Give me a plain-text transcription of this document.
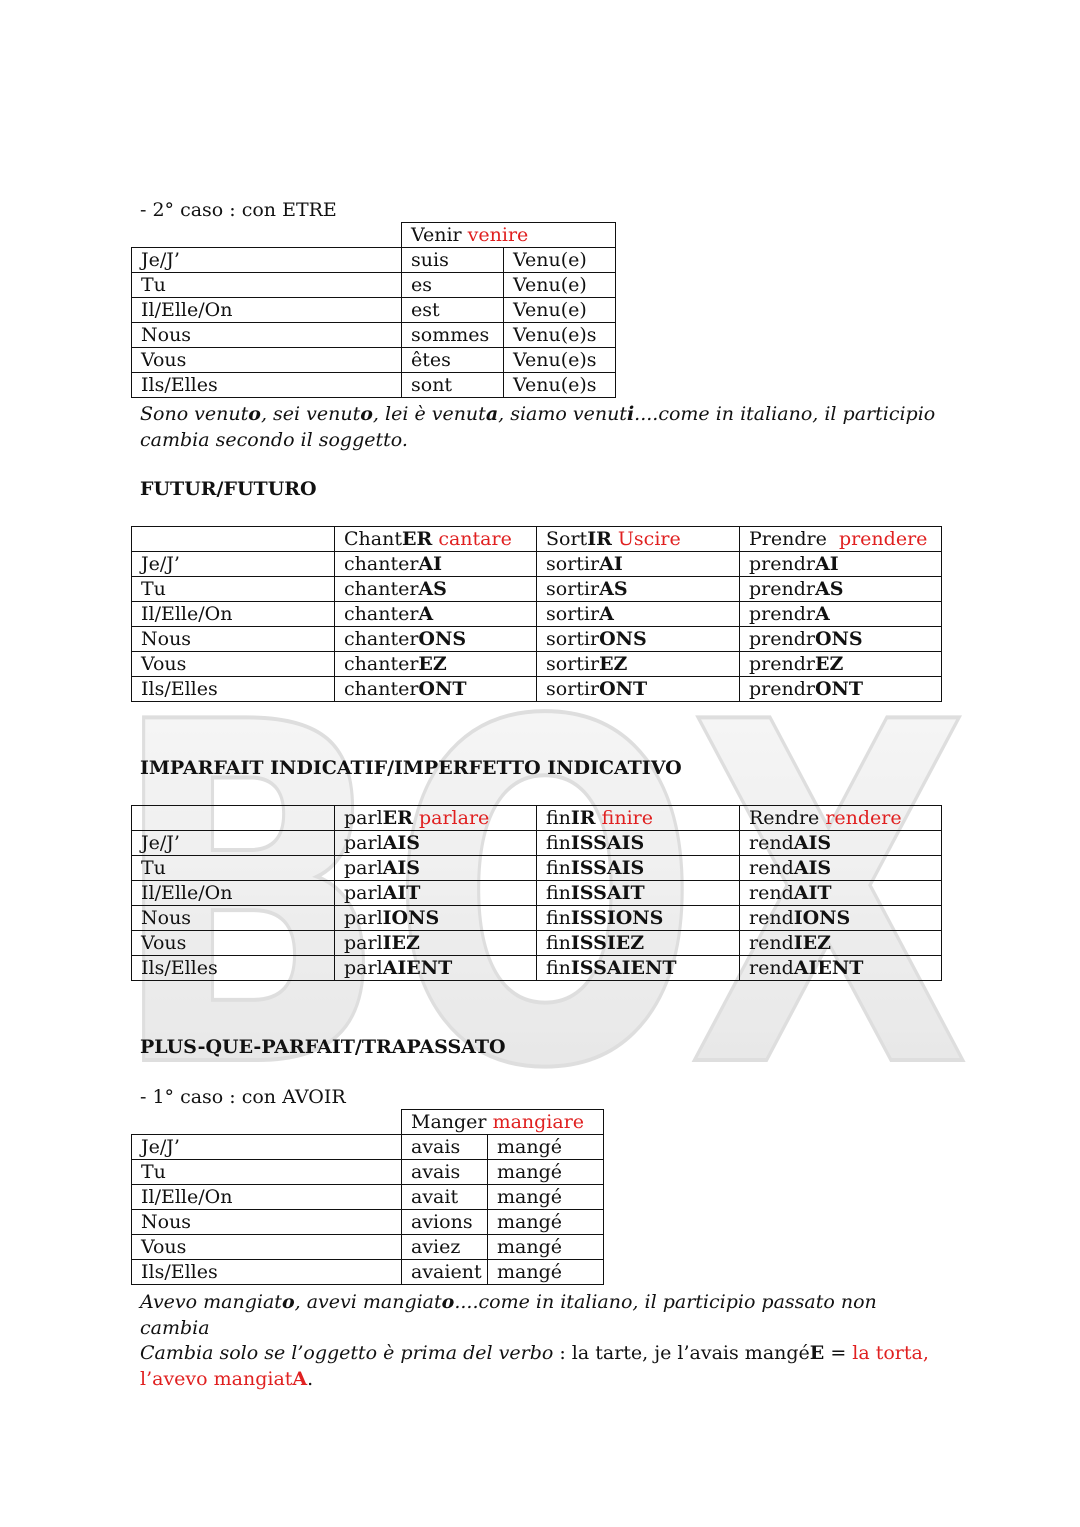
BOX
- 2° caso : con ETRE
	Venir venire	
Je/J’	suis	Venu(e)
Tu	es	Venu(e)
Il/Elle/On	est	Venu(e)
Nous	sommes	Venu(e)s
Vous	êtes	Venu(e)s
Ils/Elles	sont	Venu(e)s
Sono venuto, sei venuto, lei è venuta, siamo venuti....come in italiano, il participio cambia secondo il soggetto.
FUTUR/FUTURO
	ChantER cantare	SortIR Uscire	Prendre prendere
Je/J’	chanterAI	sortirAI	prendrAI
Tu	chanterAS	sortirAS	prendrAS
Il/Elle/On	chanterA	sortirA	prendrA
Nous	chanterONS	sortirONS	prendrONS
Vous	chanterEZ	sortirEZ	prendrEZ
Ils/Elles	chanterONT	sortirONT	prendrONT
IMPARFAIT INDICATIF/IMPERFETTO INDICATIVO
	parlER parlare	finIR finire	Rendre rendere
Je/J’	parlAIS	finISSAIS	rendAIS
Tu	parlAIS	finISSAIS	rendAIS
Il/Elle/On	parlAIT	finISSAIT	rendAIT
Nous	parlIONS	finISSIONS	rendIONS
Vous	parlIEZ	finISSIEZ	rendIEZ
Ils/Elles	parlAIENT	finISSAIENT	rendAIENT
PLUS-QUE-PARFAIT/TRAPASSATO
- 1° caso : con AVOIR
	Manger mangiare	
Je/J’	avais	mangé
Tu	avais	mangé
Il/Elle/On	avait	mangé
Nous	avions	mangé
Vous	aviez	mangé
Ils/Elles	avaient	mangé
Avevo mangiato, avevi mangiato....come in italiano, il participio passato non cambia
Cambia solo se l’oggetto è prima del verbo : la tarte, je l’avais mangéE = la torta, l’avevo mangiatA.
